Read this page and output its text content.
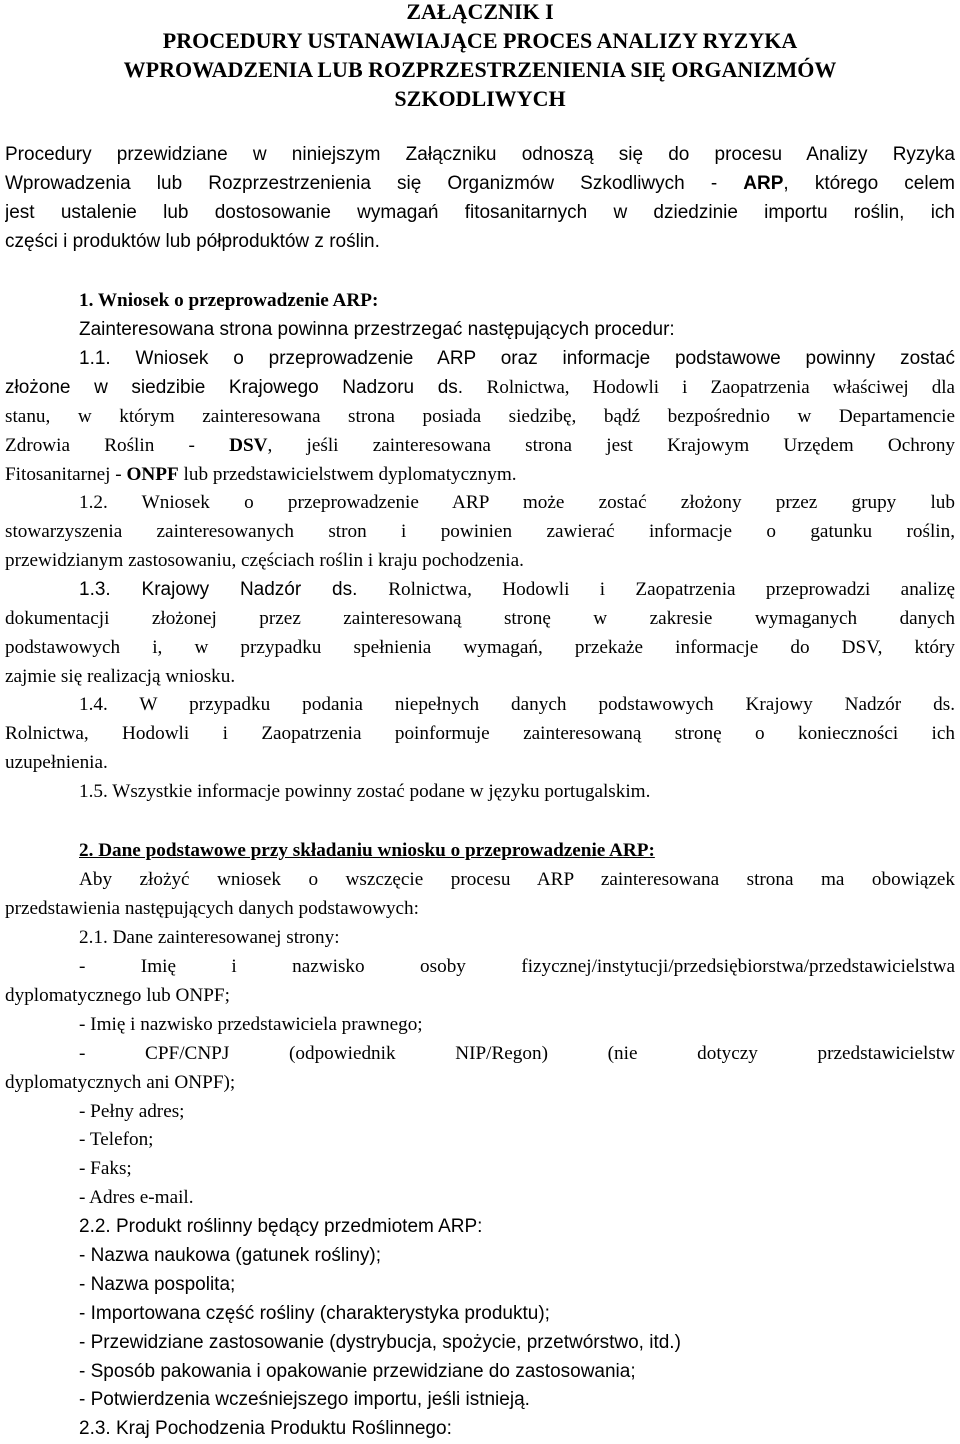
ZAŁĄCZNIK I
PROCEDURY USTANAWIAJĄCE PROCES ANALIZY RYZYKA
WPROWADZENIA LUB ROZPRZESTRZENIENIA SIĘ ORGANIZMÓW
SZKODLIWYCH
Procedury przewidziane w niniejszym Załączniku odnoszą się do procesu Analizy Ryzyka
Wprowadzenia lub Rozprzestrzenienia się Organizmów Szkodliwych - ARP, którego celem
jest ustalenie lub dostosowanie wymagań fitosanitarnych w dziedzinie importu roślin, ich
części i produktów lub półproduktów z roślin.
1. Wniosek o przeprowadzenie ARP:
Zainteresowana strona powinna przestrzegać następujących procedur:
1.1. Wniosek o przeprowadzenie ARP oraz informacje podstawowe powinny zostać
złożone w siedzibie Krajowego Nadzoru ds. Rolnictwa, Hodowli i Zaopatrzenia właściwej dla
stanu, w którym zainteresowana strona posiada siedzibę, bądź bezpośrednio w Departamencie
Zdrowia Roślin - DSV, jeśli zainteresowana strona jest Krajowym Urzędem Ochrony
Fitosanitarnej - ONPF lub przedstawicielstwem dyplomatycznym.
1.2. Wniosek o przeprowadzenie ARP może zostać złożony przez grupy lub
stowarzyszenia zainteresowanych stron i powinien zawierać informacje o gatunku roślin,
przewidzianym zastosowaniu, częściach roślin i kraju pochodzenia.
1.3. Krajowy Nadzór ds. Rolnictwa, Hodowli i Zaopatrzenia przeprowadzi analizę
dokumentacji złożonej przez zainteresowaną stronę w zakresie wymaganych danych
podstawowych i, w przypadku spełnienia wymagań, przekaże informacje do DSV, który
zajmie się realizacją wniosku.
1.4. W przypadku podania niepełnych danych podstawowych Krajowy Nadzór ds.
Rolnictwa, Hodowli i Zaopatrzenia poinformuje zainteresowaną stronę o konieczności ich
uzupełnienia.
1.5. Wszystkie informacje powinny zostać podane w języku portugalskim.
2. Dane podstawowe przy składaniu wniosku o przeprowadzenie ARP:
Aby złożyć wniosek o wszczęcie procesu ARP zainteresowana strona ma obowiązek
przedstawienia następujących danych podstawowych:
2.1. Dane zainteresowanej strony:
- Imię i nazwisko osoby fizycznej/instytucji/przedsiębiorstwa/przedstawicielstwa
dyplomatycznego lub ONPF;
- Imię i nazwisko przedstawiciela prawnego;
- CPF/CNPJ (odpowiednik NIP/Regon) (nie dotyczy przedstawicielstw
dyplomatycznych ani ONPF);
- Pełny adres;
- Telefon;
- Faks;
- Adres e-mail.
2.2. Produkt roślinny będący przedmiotem ARP:
- Nazwa naukowa (gatunek rośliny);
- Nazwa pospolita;
- Importowana część rośliny (charakterystyka produktu);
- Przewidziane zastosowanie (dystrybucja, spożycie, przetwórstwo, itd.)
- Sposób pakowania i opakowanie przewidziane do zastosowania;
- Potwierdzenia wcześniejszego importu, jeśli istnieją.
2.3. Kraj Pochodzenia Produktu Roślinnego:
